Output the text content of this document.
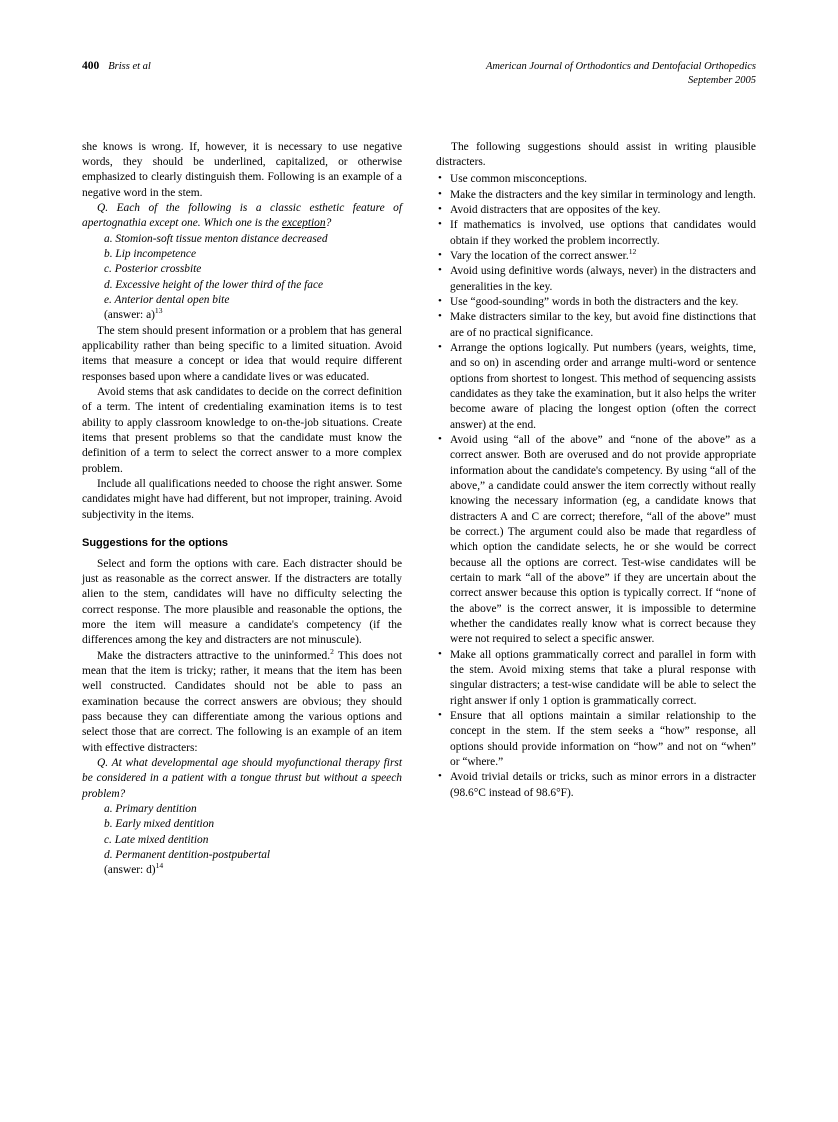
400 Briss et al	American Journal of Orthodontics and Dentofacial Orthopedics
September 2005

she knows is wrong. If, however, it is necessary to use negative words, they should be underlined, capitalized, or otherwise emphasized to clearly distinguish them. Following is an example of a negative word in the stem.

Q. Each of the following is a classic esthetic feature of apertognathia except one. Which one is the exception?

a. Stomion-soft tissue menton distance decreased

b. Lip incompetence

c. Posterior crossbite

d. Excessive height of the lower third of the face

e. Anterior dental open bite

(answer: a)$^{13}$

The stem should present information or a problem that has general applicability rather than being specific to a limited situation. Avoid items that measure a concept or idea that would require different responses based upon where a candidate lives or was educated.

Avoid stems that ask candidates to decide on the correct definition of a term. The intent of credentialing examination items is to test ability to apply classroom knowledge to on-the-job situations. Create items that present problems so that the candidate must know the definition of a term to select the correct answer to a more complex problem.

Include all qualifications needed to choose the right answer. Some candidates might have had different, but not improper, training. Avoid subjectivity in the items.

Suggestions for the options

Select and form the options with care. Each distracter should be just as reasonable as the correct answer. If the distracters are totally alien to the stem, candidates will have no difficulty selecting the correct response. The more plausible and reasonable the options, the more the item will measure a candidate's competency (if the differences among the key and distracters are not minuscule).

Make the distracters attractive to the uninformed.$^2$ This does not mean that the item is tricky; rather, it means that the item has been well constructed. Candidates should not be able to pass an examination because the correct answers are obvious; they should pass because they can differentiate among the various options and select those that are correct. The following is an example of an item with effective distracters:

Q. At what developmental age should myofunctional therapy first be considered in a patient with a tongue thrust but without a speech problem?

a. Primary dentition

b. Early mixed dentition

c. Late mixed dentition

d. Permanent dentition-postpubertal

(answer: d)$^{14}$

The following suggestions should assist in writing plausible distracters.

• Use common misconceptions.
• Make the distracters and the key similar in terminology and length.
• Avoid distracters that are opposites of the key.
• If mathematics is involved, use options that candidates would obtain if they worked the problem incorrectly.
• Vary the location of the correct answer.$^{12}$
• Avoid using definitive words (always, never) in the distracters and generalities in the key.
• Use “good-sounding” words in both the distracters and the key.
• Make distracters similar to the key, but avoid fine distinctions that are of no practical significance.
• Arrange the options logically. Put numbers (years, weights, time, and so on) in ascending order and arrange multi-word or sentence options from shortest to longest. This method of sequencing assists candidates as they take the examination, but it also helps the writer become aware of placing the longest option (often the correct answer) at the end.
• Avoid using “all of the above” and “none of the above” as a correct answer. Both are overused and do not provide appropriate information about the candidate's competency. By using “all of the above,” a candidate could answer the item correctly without really knowing the necessary information (eg, a candidate knows that distracters A and C are correct; therefore, “all of the above” must be correct.) The argument could also be made that regardless of which option the candidate selects, he or she would be correct because all the options are correct. Test-wise candidates will be certain to mark “all of the above” if they are uncertain about the correct answer because this option is typically correct. If “none of the above” is the correct answer, it is impossible to determine whether the candidates really know what is correct because they were not required to select a specific answer.
• Make all options grammatically correct and parallel in form with the stem. Avoid mixing stems that take a plural response with singular distracters; a test-wise candidate will be able to select the right answer if only 1 option is grammatically correct.
• Ensure that all options maintain a similar relationship to the concept in the stem. If the stem seeks a “how” response, all options should provide information on “how” and not on “when” or “where.”
• Avoid trivial details or tricks, such as minor errors in a distracter (98.6°C instead of 98.6°F).
